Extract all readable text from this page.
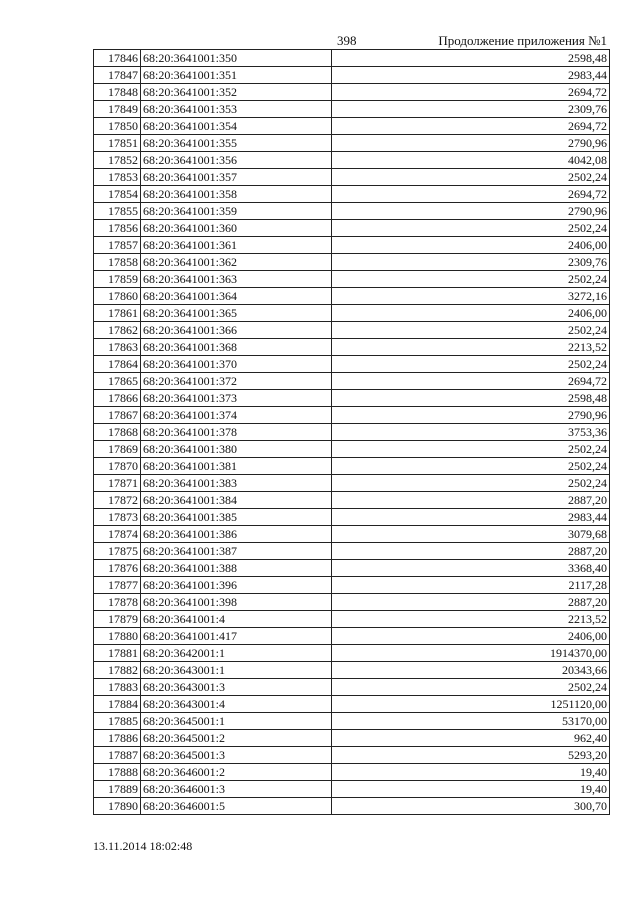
398	Продолжение приложения №1
17846	68:20:3641001:350	2598,48
17847	68:20:3641001:351	2983,44
17848	68:20:3641001:352	2694,72
17849	68:20:3641001:353	2309,76
17850	68:20:3641001:354	2694,72
17851	68:20:3641001:355	2790,96
17852	68:20:3641001:356	4042,08
17853	68:20:3641001:357	2502,24
17854	68:20:3641001:358	2694,72
17855	68:20:3641001:359	2790,96
17856	68:20:3641001:360	2502,24
17857	68:20:3641001:361	2406,00
17858	68:20:3641001:362	2309,76
17859	68:20:3641001:363	2502,24
17860	68:20:3641001:364	3272,16
17861	68:20:3641001:365	2406,00
17862	68:20:3641001:366	2502,24
17863	68:20:3641001:368	2213,52
17864	68:20:3641001:370	2502,24
17865	68:20:3641001:372	2694,72
17866	68:20:3641001:373	2598,48
17867	68:20:3641001:374	2790,96
17868	68:20:3641001:378	3753,36
17869	68:20:3641001:380	2502,24
17870	68:20:3641001:381	2502,24
17871	68:20:3641001:383	2502,24
17872	68:20:3641001:384	2887,20
17873	68:20:3641001:385	2983,44
17874	68:20:3641001:386	3079,68
17875	68:20:3641001:387	2887,20
17876	68:20:3641001:388	3368,40
17877	68:20:3641001:396	2117,28
17878	68:20:3641001:398	2887,20
17879	68:20:3641001:4	2213,52
17880	68:20:3641001:417	2406,00
17881	68:20:3642001:1	1914370,00
17882	68:20:3643001:1	20343,66
17883	68:20:3643001:3	2502,24
17884	68:20:3643001:4	1251120,00
17885	68:20:3645001:1	53170,00
17886	68:20:3645001:2	962,40
17887	68:20:3645001:3	5293,20
17888	68:20:3646001:2	19,40
17889	68:20:3646001:3	19,40
17890	68:20:3646001:5	300,70
13.11.2014 18:02:48
